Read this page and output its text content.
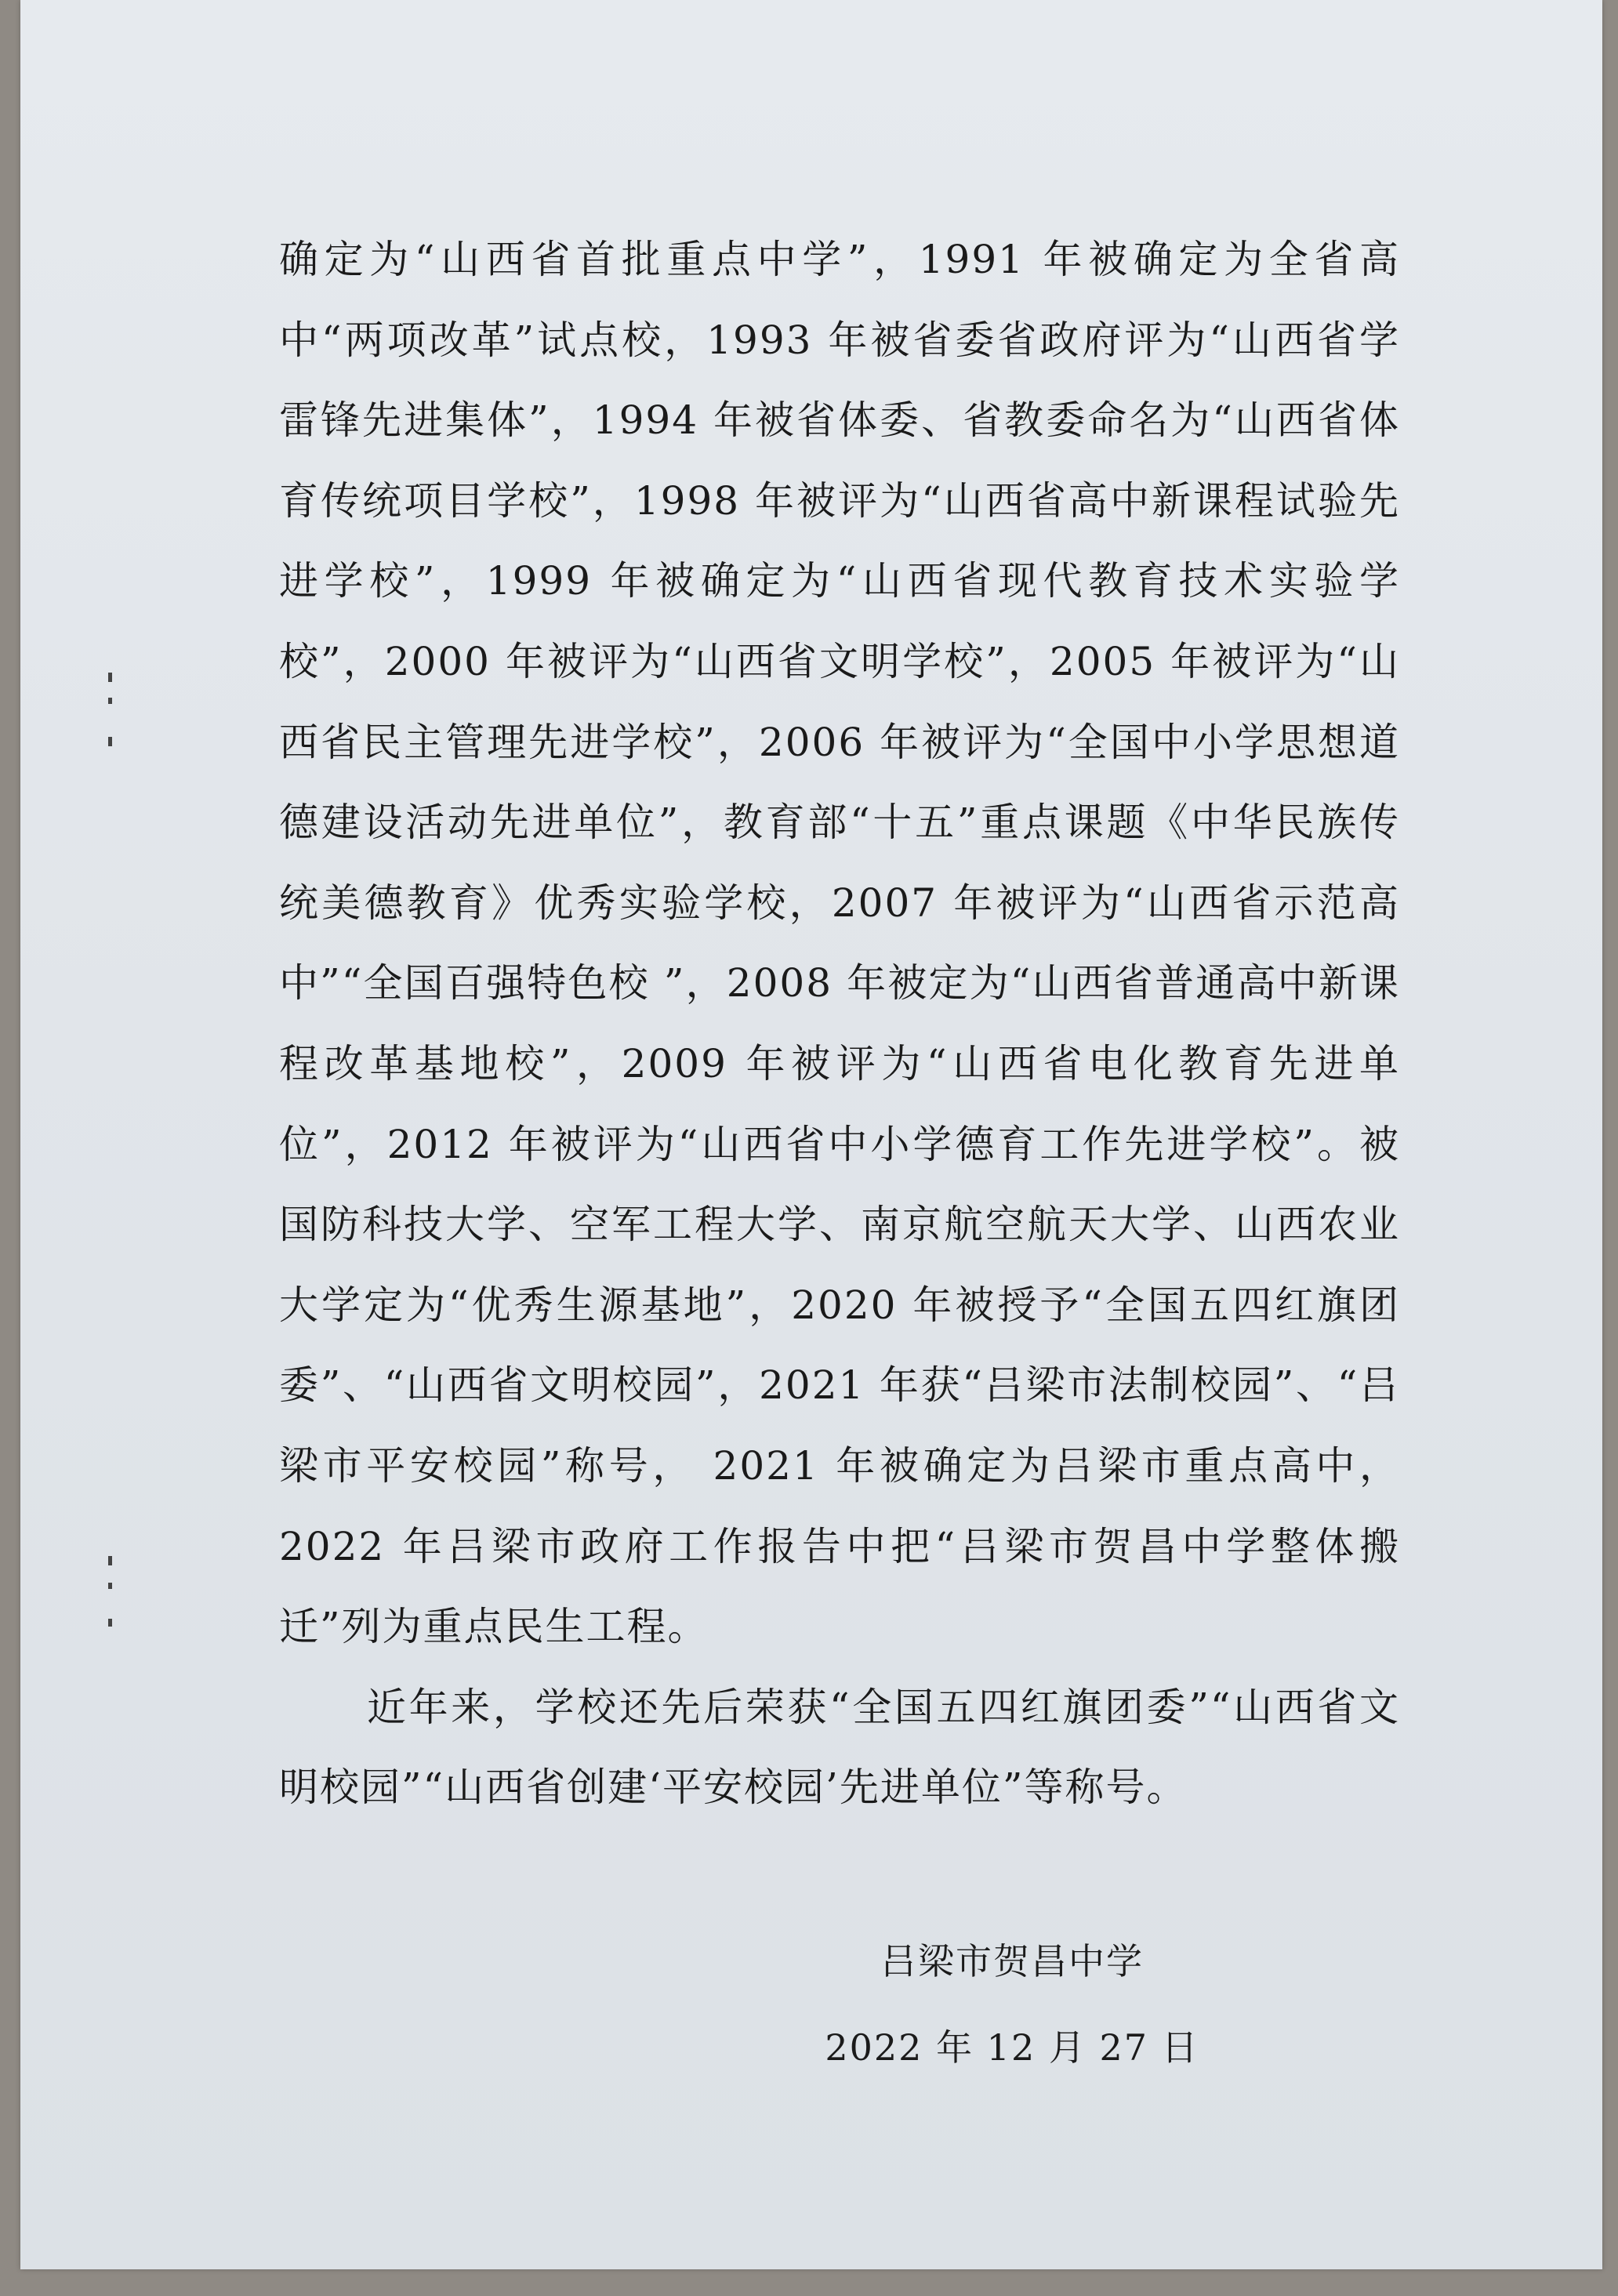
确定为“山西省首批重点中学”，1991 年被确定为全省高中“两项改革”试点校，1993 年被省委省政府评为“山西省学雷锋先进集体”，1994 年被省体委、省教委命名为“山西省体育传统项目学校”，1998 年被评为“山西省高中新课程试验先进学校”，1999 年被确定为“山西省现代教育技术实验学校”，2000 年被评为“山西省文明学校”，2005 年被评为“山西省民主管理先进学校”，2006 年被评为“全国中小学思想道德建设活动先进单位”，教育部“十五”重点课题《中华民族传统美德教育》优秀实验学校，2007 年被评为“山西省示范高中”“全国百强特色校 ”，2008 年被定为“山西省普通高中新课程改革基地校”，2009 年被评为“山西省电化教育先进单位”，2012 年被评为“山西省中小学德育工作先进学校”。被国防科技大学、空军工程大学、南京航空航天大学、山西农业大学定为“优秀生源基地”，2020 年被授予“全国五四红旗团委”、“山西省文明校园”，2021 年获“吕梁市法制校园”、“吕梁市平安校园”称号， 2021 年被确定为吕梁市重点高中，2022 年吕梁市政府工作报告中把“吕梁市贺昌中学整体搬迁”列为重点民生工程。

近年来，学校还先后荣获“全国五四红旗团委”“山西省文明校园”“山西省创建‘平安校园’先进单位”等称号。

吕梁市贺昌中学
2022 年 12 月 27 日
